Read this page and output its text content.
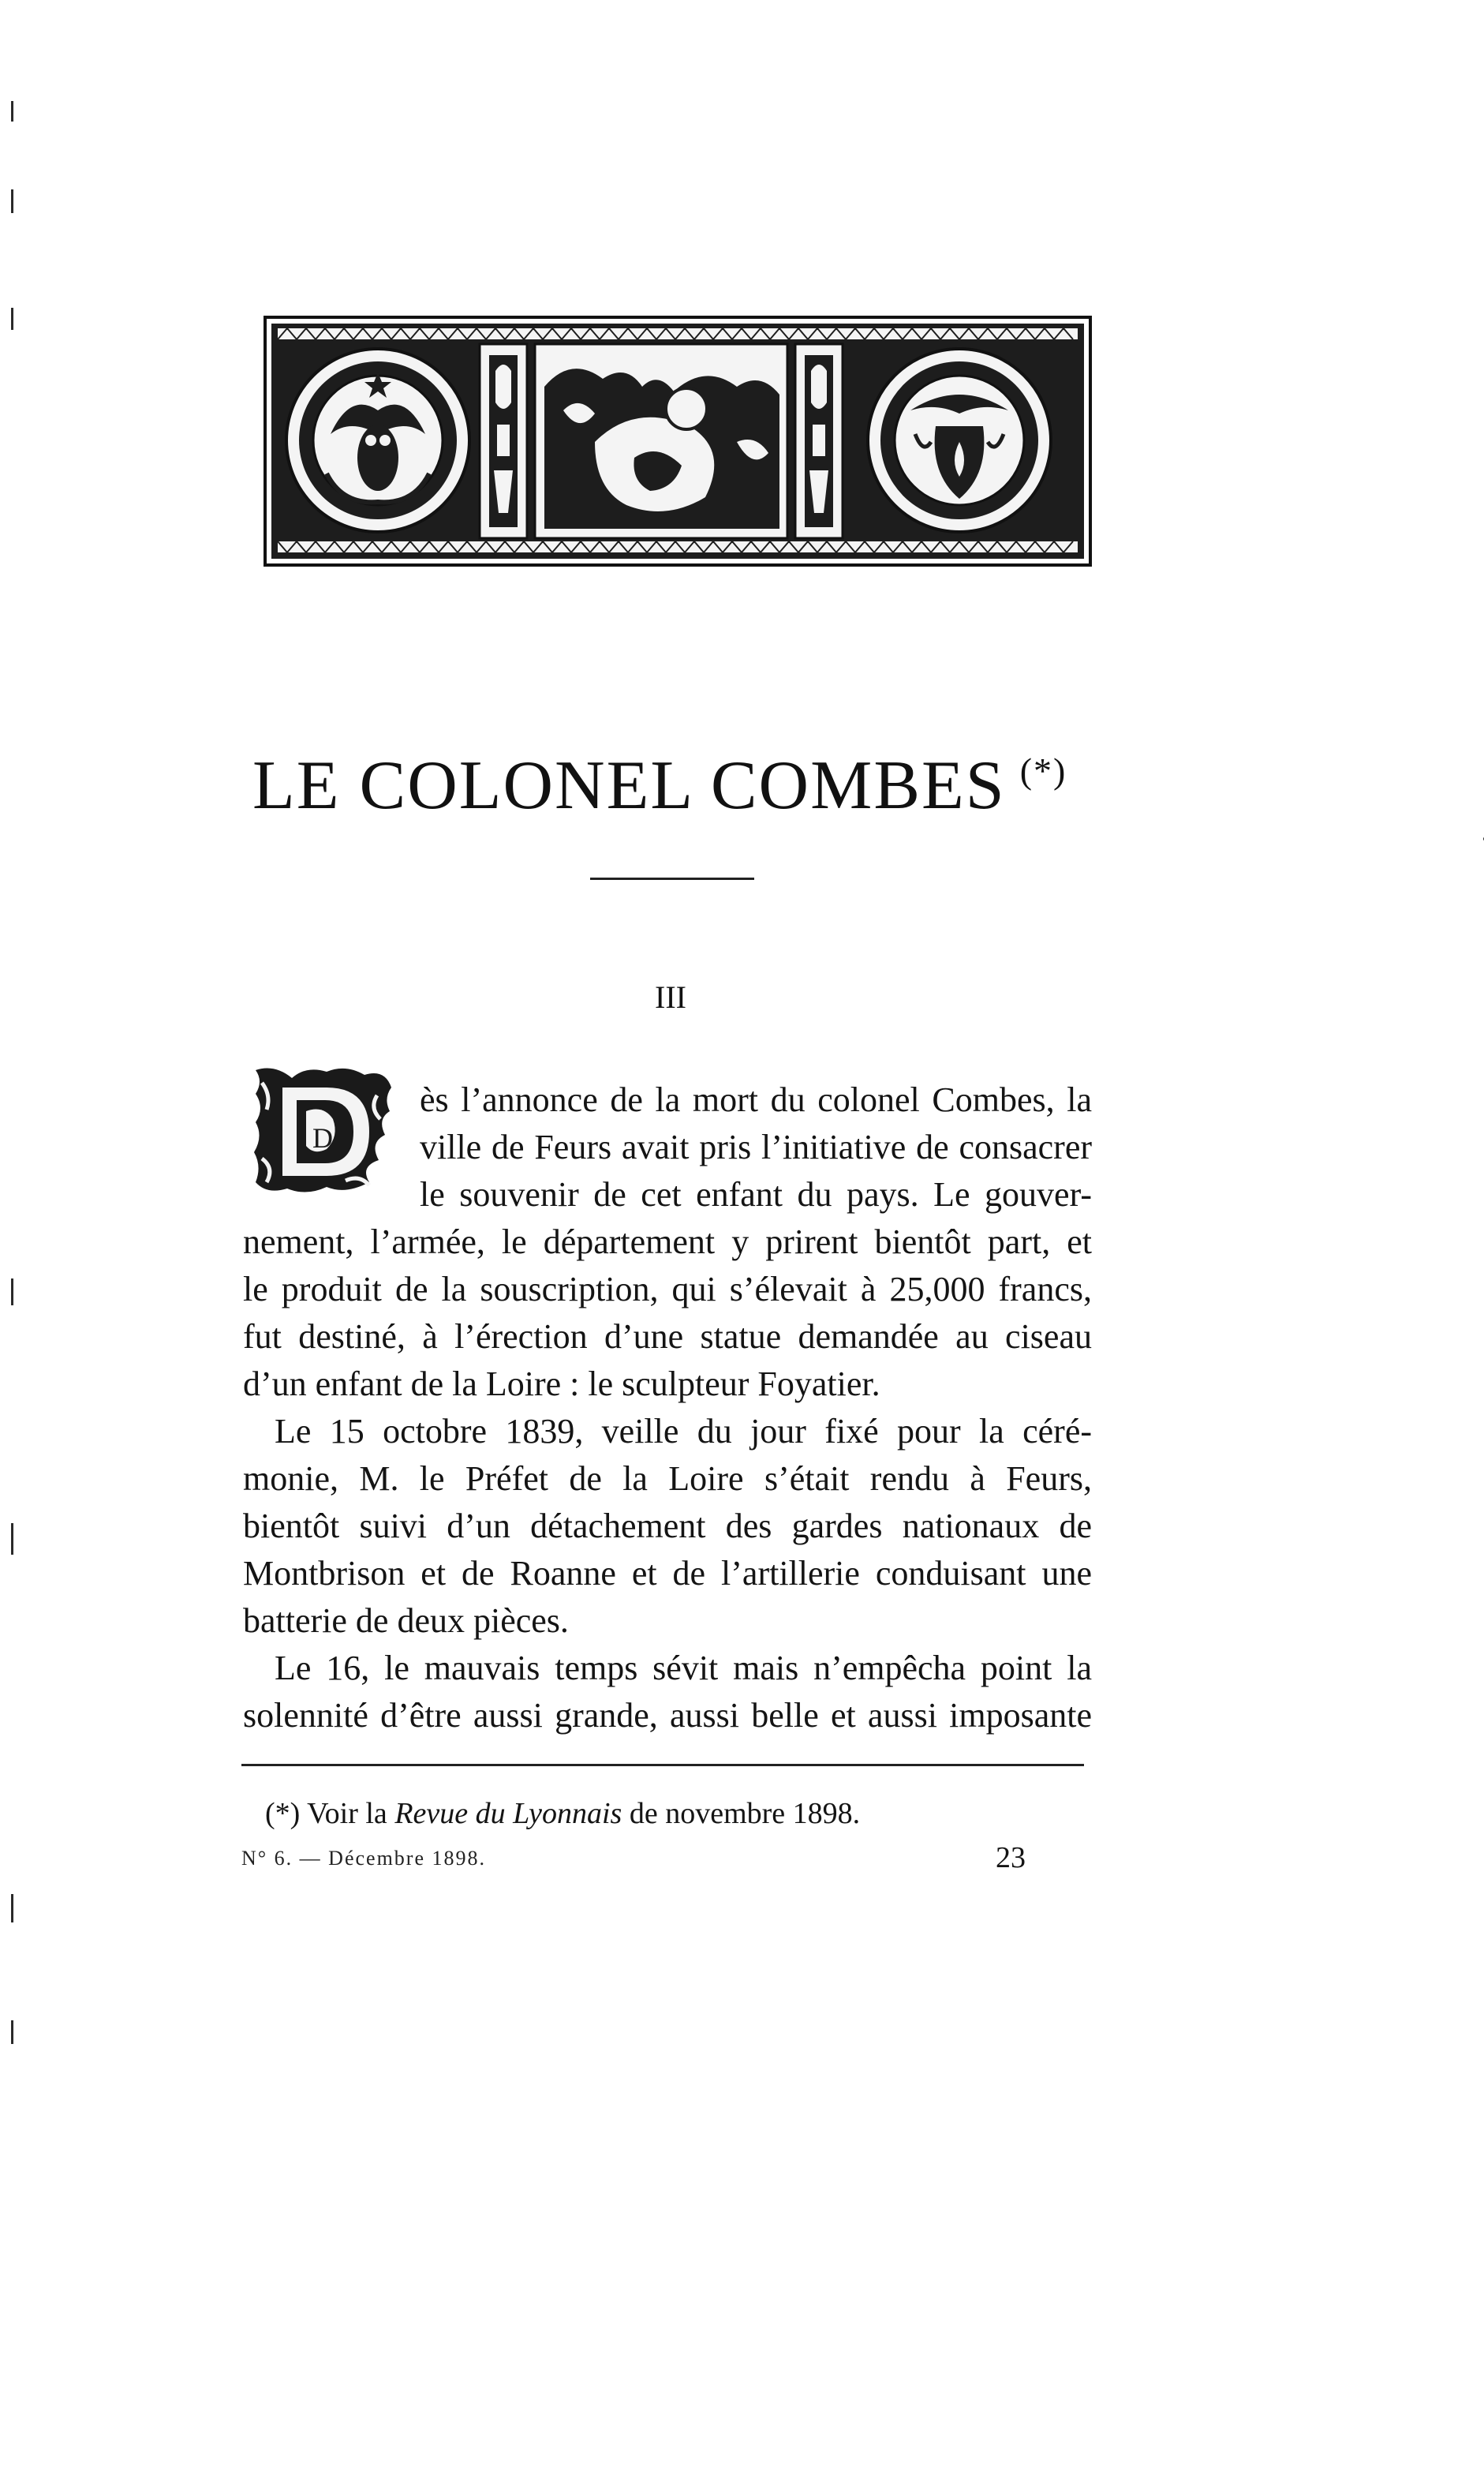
LE COLONEL COMBES (*)
III
D
ès l’annonce de la mort du colonel Combes, la
ville de Feurs avait pris l’initiative de consacrer
le souvenir de cet enfant du pays. Le gouver-
nement, l’armée, le département y prirent bientôt part, et
le produit de la souscription, qui s’élevait à 25,000 francs,
fut destiné, à l’érection d’une statue demandée au ciseau
d’un enfant de la Loire : le sculpteur Foyatier.
Le 15 octobre 1839, veille du jour fixé pour la céré-
monie, M. le Préfet de la Loire s’était rendu à Feurs,
bientôt suivi d’un détachement des gardes nationaux de
Montbrison et de Roanne et de l’artillerie conduisant une
batterie de deux pièces.
Le 16, le mauvais temps sévit mais n’empêcha point la
solennité d’être aussi grande, aussi belle et aussi imposante
(*) Voir la Revue du Lyonnais de novembre 1898.
N° 6. — Décembre 1898.	23
